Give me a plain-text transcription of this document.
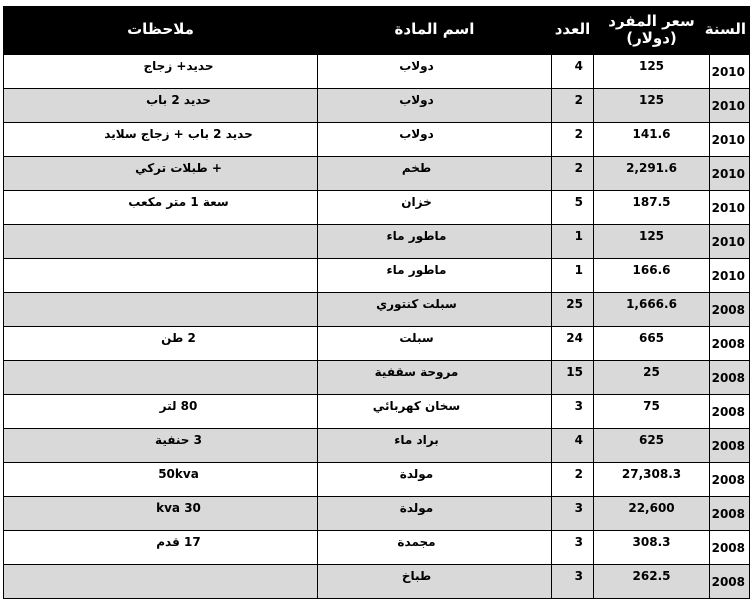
السنة	سعر المفرد (دولار)	العدد	اسم المادة	ملاحظات
2010	125	4	دولاب	حديد+ زجاج
2010	125	2	دولاب	حديد 2 باب
2010	141.6	2	دولاب	حديد 2 باب + زجاج سلايد
2010	2,291.6	2	طخم	+ طبلات تركي
2010	187.5	5	خزان	سعة 1 متر مكعب
2010	125	1	ماطور ماء	
2010	166.6	1	ماطور ماء	
2008	1,666.6	25	سبلت كنتوري	
2008	665	24	سبلت	2 طن
2008	25	15	مروحة سقفية	
2008	75	3	سخان كهربائي	80 لتر
2008	625	4	براد ماء	3 حنفية
2008	27,308.3	2	مولدة	50kva
2008	22,600	3	مولدة	30 kva
2008	308.3	3	مجمدة	17 قدم
2008	262.5	3	طباخ	
